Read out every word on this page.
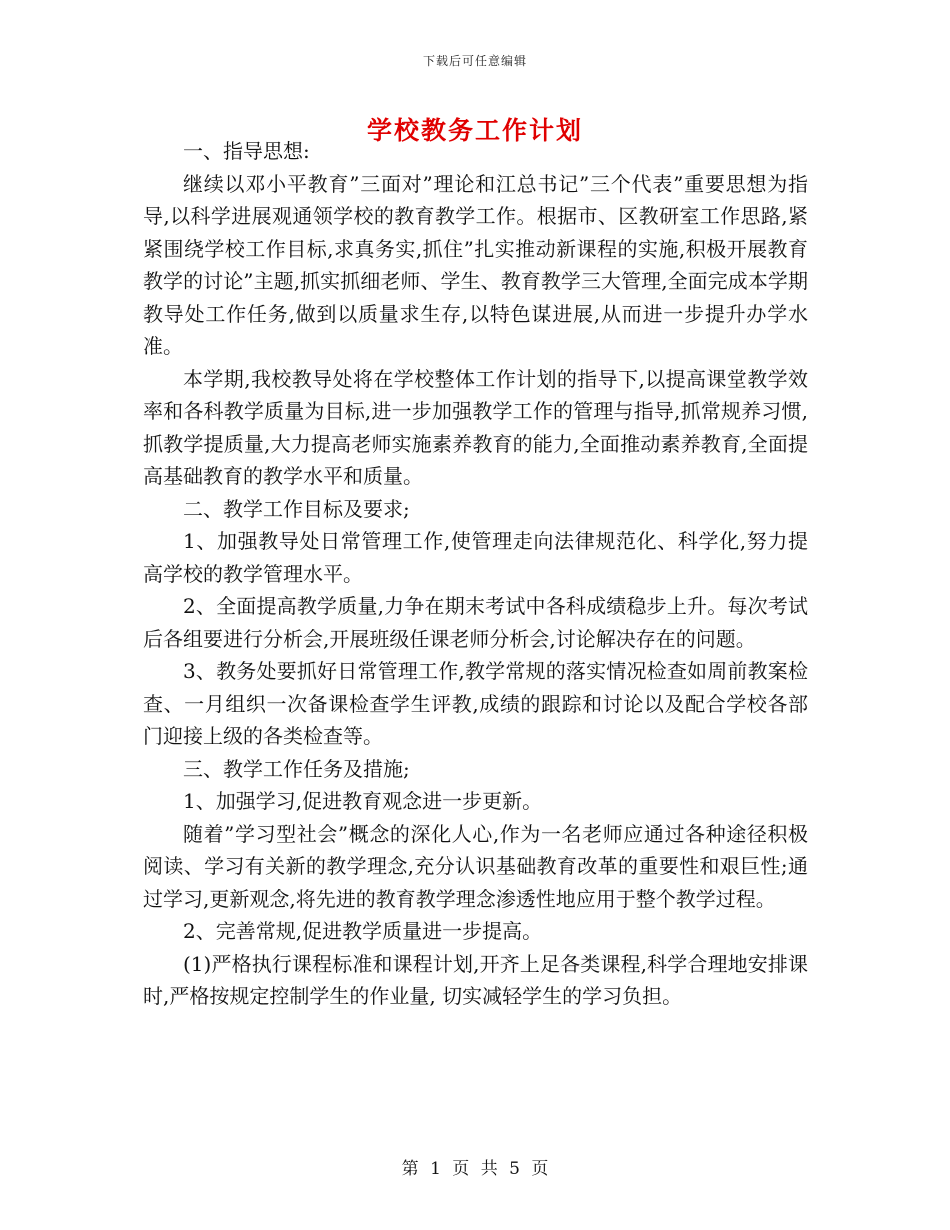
下载后可任意编辑
学校教务工作计划

一、指导思想:

继续以邓小平教育”三面对”理论和江总书记”三个代表”重要思想为指导,以科学进展观通领学校的教育教学工作。根据市、区教研室工作思路,紧紧围绕学校工作目标,求真务实,抓住”扎实推动新课程的实施,积极开展教育教学的讨论”主题,抓实抓细老师、学生、教育教学三大管理,全面完成本学期教导处工作任务,做到以质量求生存,以特色谋进展,从而进一步提升办学水准。

本学期,我校教导处将在学校整体工作计划的指导下,以提高课堂教学效率和各科教学质量为目标,进一步加强教学工作的管理与指导,抓常规养习惯,抓教学提质量,大力提高老师实施素养教育的能力,全面推动素养教育,全面提高基础教育的教学水平和质量。

二、教学工作目标及要求;

1、加强教导处日常管理工作,使管理走向法律规范化、科学化,努力提高学校的教学管理水平。

2、全面提高教学质量,力争在期末考试中各科成绩稳步上升。每次考试后各组要进行分析会,开展班级任课老师分析会,讨论解决存在的问题。

3、教务处要抓好日常管理工作,教学常规的落实情况检查如周前教案检查、一月组织一次备课检查学生评教,成绩的跟踪和讨论以及配合学校各部门迎接上级的各类检查等。

三、教学工作任务及措施;

1、加强学习,促进教育观念进一步更新。

随着”学习型社会”概念的深化人心,作为一名老师应通过各种途径积极阅读、学习有关新的教学理念,充分认识基础教育改革的重要性和艰巨性;通过学习,更新观念,将先进的教育教学理念渗透性地应用于整个教学过程。

2、完善常规,促进教学质量进一步提高。

(1)严格执行课程标准和课程计划,开齐上足各类课程,科学合理地安排课时,严格按规定控制学生的作业量, 切实减轻学生的学习负担。

第 1 页 共 5 页
